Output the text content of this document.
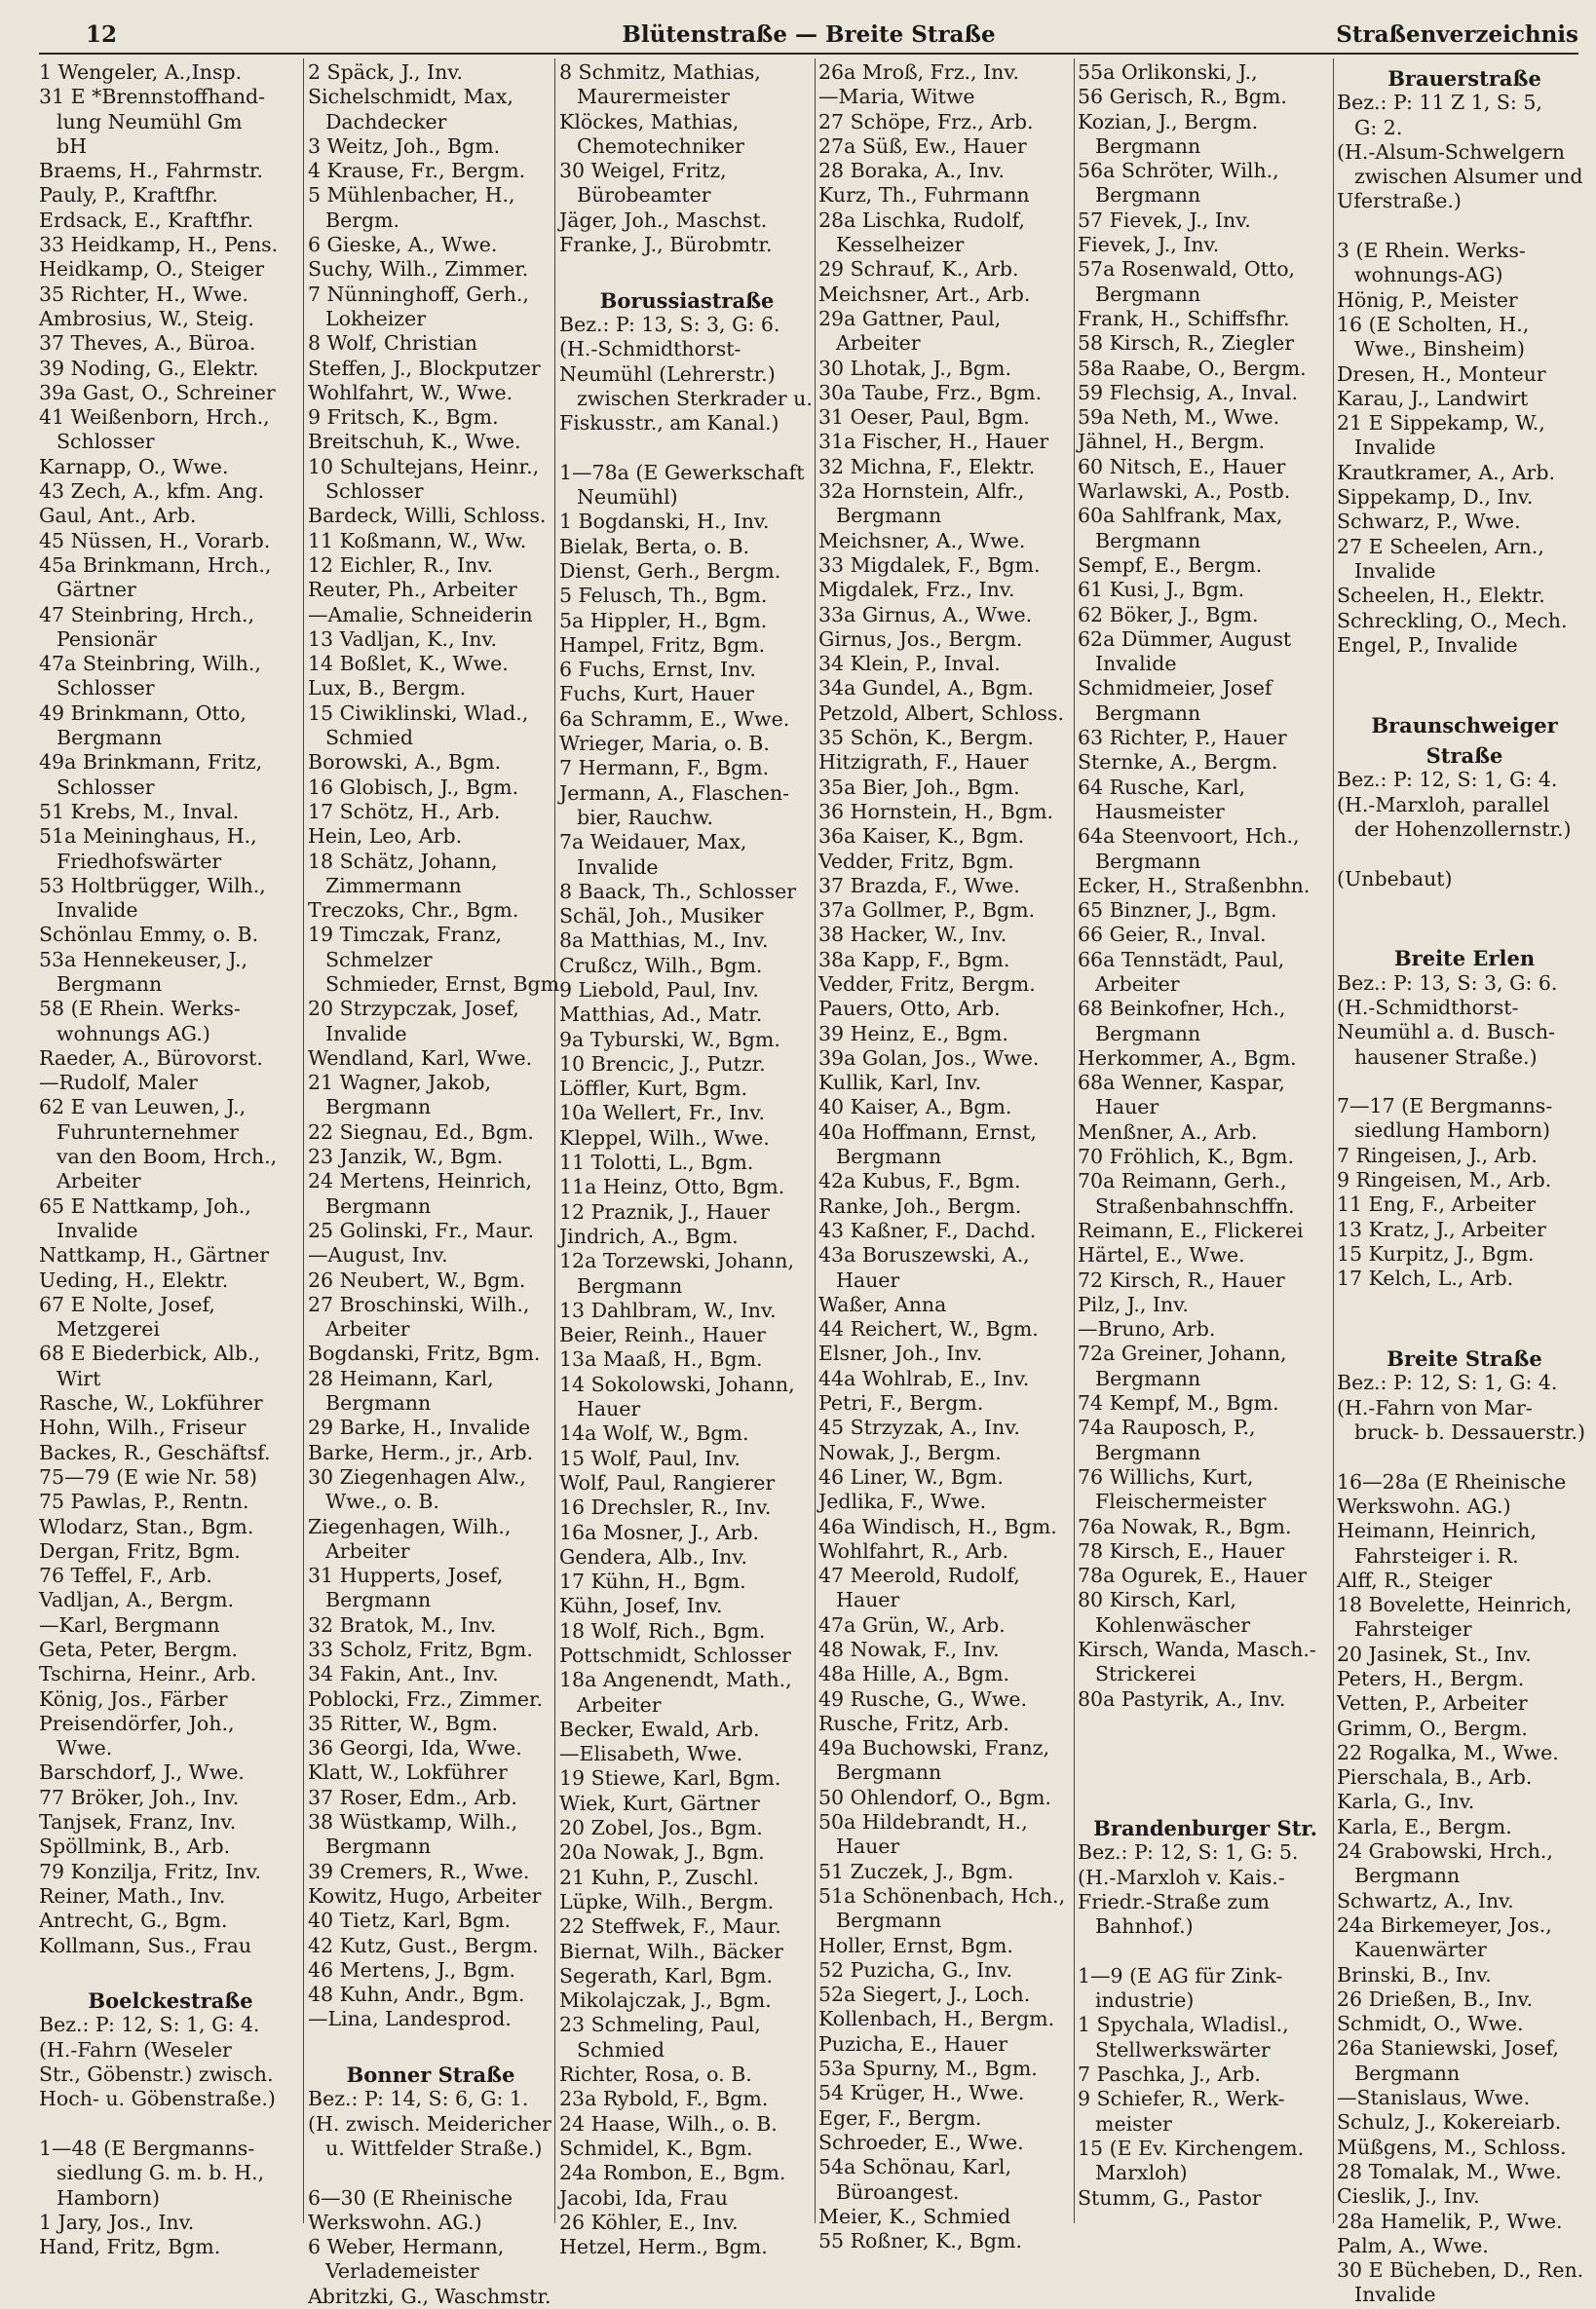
12	Blütenstraße — Breite Straße	Straßenverzeichnis
1 Wengeler, A.,Insp.
31 E *Brennstoffhand-
lung Neumühl Gm
bH
Braems, H., Fahrmstr.
Pauly, P., Kraftfhr.
Erdsack, E., Kraftfhr.
33 Heidkamp, H., Pens.
Heidkamp, O., Steiger
35 Richter, H., Wwe.
Ambrosius, W., Steig.
37 Theves, A., Büroa.
39 Noding, G., Elektr.
39a Gast, O., Schreiner
41 Weißenborn, Hrch.,
Schlosser
Karnapp, O., Wwe.
43 Zech, A., kfm. Ang.
Gaul, Ant., Arb.
45 Nüssen, H., Vorarb.
45a Brinkmann, Hrch.,
Gärtner
47 Steinbring, Hrch.,
Pensionär
47a Steinbring, Wilh.,
Schlosser
49 Brinkmann, Otto,
Bergmann
49a Brinkmann, Fritz,
Schlosser
51 Krebs, M., Inval.
51a Meininghaus, H.,
Friedhofswärter
53 Holtbrügger, Wilh.,
Invalide
Schönlau Emmy, o. B.
53a Hennekeuser, J.,
Bergmann
58 (E Rhein. Werks-
wohnungs AG.)
Raeder, A., Bürovorst.
—Rudolf, Maler
62 E van Leuwen, J.,
Fuhrunternehmer
van den Boom, Hrch.,
Arbeiter
65 E Nattkamp, Joh.,
Invalide
Nattkamp, H., Gärtner
Ueding, H., Elektr.
67 E Nolte, Josef,
Metzgerei
68 E Biederbick, Alb.,
Wirt
Rasche, W., Lokführer
Hohn, Wilh., Friseur
Backes, R., Geschäftsf.
75—79 (E wie Nr. 58)
75 Pawlas, P., Rentn.
Wlodarz, Stan., Bgm.
Dergan, Fritz, Bgm.
76 Teffel, F., Arb.
Vadljan, A., Bergm.
—Karl, Bergmann
Geta, Peter, Bergm.
Tschirna, Heinr., Arb.
König, Jos., Färber
Preisendörfer, Joh.,
Wwe.
Barschdorf, J., Wwe.
77 Bröker, Joh., Inv.
Tanjsek, Franz, Inv.
Spöllmink, B., Arb.
79 Konzilja, Fritz, Inv.
Reiner, Math., Inv.
Antrecht, G., Bgm.
Kollmann, Sus., Frau
Boelckestraße
Bez.: P: 12, S: 1, G: 4.
(H.-Fahrn (Weseler
Str., Göbenstr.) zwisch.
Hoch- u. Göbenstraße.)
1—48 (E Bergmanns-
siedlung G. m. b. H.,
Hamborn)
1 Jary, Jos., Inv.
Hand, Fritz, Bgm.
2 Späck, J., Inv.
Sichelschmidt, Max,
Dachdecker
3 Weitz, Joh., Bgm.
4 Krause, Fr., Bergm.
5 Mühlenbacher, H.,
Bergm.
6 Gieske, A., Wwe.
Suchy, Wilh., Zimmer.
7 Nünninghoff, Gerh.,
Lokheizer
8 Wolf, Christian
Steffen, J., Blockputzer
Wohlfahrt, W., Wwe.
9 Fritsch, K., Bgm.
Breitschuh, K., Wwe.
10 Schultejans, Heinr.,
Schlosser
Bardeck, Willi, Schloss.
11 Koßmann, W., Ww.
12 Eichler, R., Inv.
Reuter, Ph., Arbeiter
—Amalie, Schneiderin
13 Vadljan, K., Inv.
14 Boßlet, K., Wwe.
Lux, B., Bergm.
15 Ciwiklinski, Wlad.,
Schmied
Borowski, A., Bgm.
16 Globisch, J., Bgm.
17 Schötz, H., Arb.
Hein, Leo, Arb.
18 Schätz, Johann,
Zimmermann
Treczoks, Chr., Bgm.
19 Timczak, Franz,
Schmelzer
Schmieder, Ernst, Bgm.
20 Strzypczak, Josef,
Invalide
Wendland, Karl, Wwe.
21 Wagner, Jakob,
Bergmann
22 Siegnau, Ed., Bgm.
23 Janzik, W., Bgm.
24 Mertens, Heinrich,
Bergmann
25 Golinski, Fr., Maur.
—August, Inv.
26 Neubert, W., Bgm.
27 Broschinski, Wilh.,
Arbeiter
Bogdanski, Fritz, Bgm.
28 Heimann, Karl,
Bergmann
29 Barke, H., Invalide
Barke, Herm., jr., Arb.
30 Ziegenhagen Alw.,
Wwe., o. B.
Ziegenhagen, Wilh.,
Arbeiter
31 Hupperts, Josef,
Bergmann
32 Bratok, M., Inv.
33 Scholz, Fritz, Bgm.
34 Fakin, Ant., Inv.
Poblocki, Frz., Zimmer.
35 Ritter, W., Bgm.
36 Georgi, Ida, Wwe.
Klatt, W., Lokführer
37 Roser, Edm., Arb.
38 Wüstkamp, Wilh.,
Bergmann
39 Cremers, R., Wwe.
Kowitz, Hugo, Arbeiter
40 Tietz, Karl, Bgm.
42 Kutz, Gust., Bergm.
46 Mertens, J., Bgm.
48 Kuhn, Andr., Bgm.
—Lina, Landesprod.
Bonner Straße
Bez.: P: 14, S: 6, G: 1.
(H. zwisch. Meidericher
u. Wittfelder Straße.)
6—30 (E Rheinische
Werkswohn. AG.)
6 Weber, Hermann,
Verlademeister
Abritzki, G., Waschmstr.
8 Schmitz, Mathias,
Maurermeister
Klöckes, Mathias,
Chemotechniker
30 Weigel, Fritz,
Bürobeamter
Jäger, Joh., Maschst.
Franke, J., Bürobmtr.
Borussiastraße
Bez.: P: 13, S: 3, G: 6.
(H.-Schmidthorst-
Neumühl (Lehrerstr.)
zwischen Sterkrader u.
Fiskusstr., am Kanal.)
1—78a (E Gewerkschaft
Neumühl)
1 Bogdanski, H., Inv.
Bielak, Berta, o. B.
Dienst, Gerh., Bergm.
5 Felusch, Th., Bgm.
5a Hippler, H., Bgm.
Hampel, Fritz, Bgm.
6 Fuchs, Ernst, Inv.
Fuchs, Kurt, Hauer
6a Schramm, E., Wwe.
Wrieger, Maria, o. B.
7 Hermann, F., Bgm.
Jermann, A., Flaschen-
bier, Rauchw.
7a Weidauer, Max,
Invalide
8 Baack, Th., Schlosser
Schäl, Joh., Musiker
8a Matthias, M., Inv.
Crußcz, Wilh., Bgm.
9 Liebold, Paul, Inv.
Matthias, Ad., Matr.
9a Tyburski, W., Bgm.
10 Brencic, J., Putzr.
Löffler, Kurt, Bgm.
10a Wellert, Fr., Inv.
Kleppel, Wilh., Wwe.
11 Tolotti, L., Bgm.
11a Heinz, Otto, Bgm.
12 Praznik, J., Hauer
Jindrich, A., Bgm.
12a Torzewski, Johann,
Bergmann
13 Dahlbram, W., Inv.
Beier, Reinh., Hauer
13a Maaß, H., Bgm.
14 Sokolowski, Johann,
Hauer
14a Wolf, W., Bgm.
15 Wolf, Paul, Inv.
Wolf, Paul, Rangierer
16 Drechsler, R., Inv.
16a Mosner, J., Arb.
Gendera, Alb., Inv.
17 Kühn, H., Bgm.
Kühn, Josef, Inv.
18 Wolf, Rich., Bgm.
Pottschmidt, Schlosser
18a Angenendt, Math.,
Arbeiter
Becker, Ewald, Arb.
—Elisabeth, Wwe.
19 Stiewe, Karl, Bgm.
Wiek, Kurt, Gärtner
20 Zobel, Jos., Bgm.
20a Nowak, J., Bgm.
21 Kuhn, P., Zuschl.
Lüpke, Wilh., Bergm.
22 Steffwek, F., Maur.
Biernat, Wilh., Bäcker
Segerath, Karl, Bgm.
Mikolajczak, J., Bgm.
23 Schmeling, Paul,
Schmied
Richter, Rosa, o. B.
23a Rybold, F., Bgm.
24 Haase, Wilh., o. B.
Schmidel, K., Bgm.
24a Rombon, E., Bgm.
Jacobi, Ida, Frau
26 Köhler, E., Inv.
Hetzel, Herm., Bgm.
26a Mroß, Frz., Inv.
—Maria, Witwe
27 Schöpe, Frz., Arb.
27a Süß, Ew., Hauer
28 Boraka, A., Inv.
Kurz, Th., Fuhrmann
28a Lischka, Rudolf,
Kesselheizer
29 Schrauf, K., Arb.
Meichsner, Art., Arb.
29a Gattner, Paul,
Arbeiter
30 Lhotak, J., Bgm.
30a Taube, Frz., Bgm.
31 Oeser, Paul, Bgm.
31a Fischer, H., Hauer
32 Michna, F., Elektr.
32a Hornstein, Alfr.,
Bergmann
Meichsner, A., Wwe.
33 Migdalek, F., Bgm.
Migdalek, Frz., Inv.
33a Girnus, A., Wwe.
Girnus, Jos., Bergm.
34 Klein, P., Inval.
34a Gundel, A., Bgm.
Petzold, Albert, Schloss.
35 Schön, K., Bergm.
Hitzigrath, F., Hauer
35a Bier, Joh., Bgm.
36 Hornstein, H., Bgm.
36a Kaiser, K., Bgm.
Vedder, Fritz, Bgm.
37 Brazda, F., Wwe.
37a Gollmer, P., Bgm.
38 Hacker, W., Inv.
38a Kapp, F., Bgm.
Vedder, Fritz, Bergm.
Pauers, Otto, Arb.
39 Heinz, E., Bgm.
39a Golan, Jos., Wwe.
Kullik, Karl, Inv.
40 Kaiser, A., Bgm.
40a Hoffmann, Ernst,
Bergmann
42a Kubus, F., Bgm.
Ranke, Joh., Bergm.
43 Kaßner, F., Dachd.
43a Boruszewski, A.,
Hauer
Waßer, Anna
44 Reichert, W., Bgm.
Elsner, Joh., Inv.
44a Wohlrab, E., Inv.
Petri, F., Bergm.
45 Strzyzak, A., Inv.
Nowak, J., Bergm.
46 Liner, W., Bgm.
Jedlika, F., Wwe.
46a Windisch, H., Bgm.
Wohlfahrt, R., Arb.
47 Meerold, Rudolf,
Hauer
47a Grün, W., Arb.
48 Nowak, F., Inv.
48a Hille, A., Bgm.
49 Rusche, G., Wwe.
Rusche, Fritz, Arb.
49a Buchowski, Franz,
Bergmann
50 Ohlendorf, O., Bgm.
50a Hildebrandt, H.,
Hauer
51 Zuczek, J., Bgm.
51a Schönenbach, Hch.,
Bergmann
Holler, Ernst, Bgm.
52 Puzicha, G., Inv.
52a Siegert, J., Loch.
Kollenbach, H., Bergm.
Puzicha, E., Hauer
53a Spurny, M., Bgm.
54 Krüger, H., Wwe.
Eger, F., Bergm.
Schroeder, E., Wwe.
54a Schönau, Karl,
Büroangest.
Meier, K., Schmied
55 Roßner, K., Bgm.
55a Orlikonski, J.,
56 Gerisch, R., Bgm.
Kozian, J., Bergm.
Bergmann
56a Schröter, Wilh.,
Bergmann
57 Fievek, J., Inv.
Fievek, J., Inv.
57a Rosenwald, Otto,
Bergmann
Frank, H., Schiffsfhr.
58 Kirsch, R., Ziegler
58a Raabe, O., Bergm.
59 Flechsig, A., Inval.
59a Neth, M., Wwe.
Jähnel, H., Bergm.
60 Nitsch, E., Hauer
Warlawski, A., Postb.
60a Sahlfrank, Max,
Bergmann
Sempf, E., Bergm.
61 Kusi, J., Bgm.
62 Böker, J., Bgm.
62a Dümmer, August
Invalide
Schmidmeier, Josef
Bergmann
63 Richter, P., Hauer
Sternke, A., Bergm.
64 Rusche, Karl,
Hausmeister
64a Steenvoort, Hch.,
Bergmann
Ecker, H., Straßenbhn.
65 Binzner, J., Bgm.
66 Geier, R., Inval.
66a Tennstädt, Paul,
Arbeiter
68 Beinkofner, Hch.,
Bergmann
Herkommer, A., Bgm.
68a Wenner, Kaspar,
Hauer
Menßner, A., Arb.
70 Fröhlich, K., Bgm.
70a Reimann, Gerh.,
Straßenbahnschffn.
Reimann, E., Flickerei
Härtel, E., Wwe.
72 Kirsch, R., Hauer
Pilz, J., Inv.
—Bruno, Arb.
72a Greiner, Johann,
Bergmann
74 Kempf, M., Bgm.
74a Rauposch, P.,
Bergmann
76 Willichs, Kurt,
Fleischermeister
76a Nowak, R., Bgm.
78 Kirsch, E., Hauer
78a Ogurek, E., Hauer
80 Kirsch, Karl,
Kohlenwäscher
Kirsch, Wanda, Masch.-
Strickerei
80a Pastyrik, A., Inv.
Brandenburger Str.
Bez.: P: 12, S: 1, G: 5.
(H.-Marxloh v. Kais.-
Friedr.-Straße zum
Bahnhof.)
1—9 (E AG für Zink-
industrie)
1 Spychala, Wladisl.,
Stellwerkswärter
7 Paschka, J., Arb.
9 Schiefer, R., Werk-
meister
15 (E Ev. Kirchengem.
Marxloh)
Stumm, G., Pastor
Brauerstraße
Bez.: P: 11 Z 1, S: 5,
G: 2.
(H.-Alsum-Schwelgern
zwischen Alsumer und
Uferstraße.)
3 (E Rhein. Werks-
wohnungs-AG)
Hönig, P., Meister
16 (E Scholten, H.,
Wwe., Binsheim)
Dresen, H., Monteur
Karau, J., Landwirt
21 E Sippekamp, W.,
Invalide
Krautkramer, A., Arb.
Sippekamp, D., Inv.
Schwarz, P., Wwe.
27 E Scheelen, Arn.,
Invalide
Scheelen, H., Elektr.
Schreckling, O., Mech.
Engel, P., Invalide
Braunschweiger
Straße
Bez.: P: 12, S: 1, G: 4.
(H.-Marxloh, parallel
der Hohenzollernstr.)
(Unbebaut)
Breite Erlen
Bez.: P: 13, S: 3, G: 6.
(H.-Schmidthorst-
Neumühl a. d. Busch-
hausener Straße.)
7—17 (E Bergmanns-
siedlung Hamborn)
7 Ringeisen, J., Arb.
9 Ringeisen, M., Arb.
11 Eng, F., Arbeiter
13 Kratz, J., Arbeiter
15 Kurpitz, J., Bgm.
17 Kelch, L., Arb.
Breite Straße
Bez.: P: 12, S: 1, G: 4.
(H.-Fahrn von Mar-
bruck- b. Dessauerstr.)
16—28a (E Rheinische
Werkswohn. AG.)
Heimann, Heinrich,
Fahrsteiger i. R.
Alff, R., Steiger
18 Bovelette, Heinrich,
Fahrsteiger
20 Jasinek, St., Inv.
Peters, H., Bergm.
Vetten, P., Arbeiter
Grimm, O., Bergm.
22 Rogalka, M., Wwe.
Pierschala, B., Arb.
Karla, G., Inv.
Karla, E., Bergm.
24 Grabowski, Hrch.,
Bergmann
Schwartz, A., Inv.
24a Birkemeyer, Jos.,
Kauenwärter
Brinski, B., Inv.
26 Drießen, B., Inv.
Schmidt, O., Wwe.
26a Staniewski, Josef,
Bergmann
—Stanislaus, Wwe.
Schulz, J., Kokereiarb.
Müßgens, M., Schloss.
28 Tomalak, M., Wwe.
Cieslik, J., Inv.
28a Hamelik, P., Wwe.
Palm, A., Wwe.
30 E Bücheben, D., Ren.
Invalide
